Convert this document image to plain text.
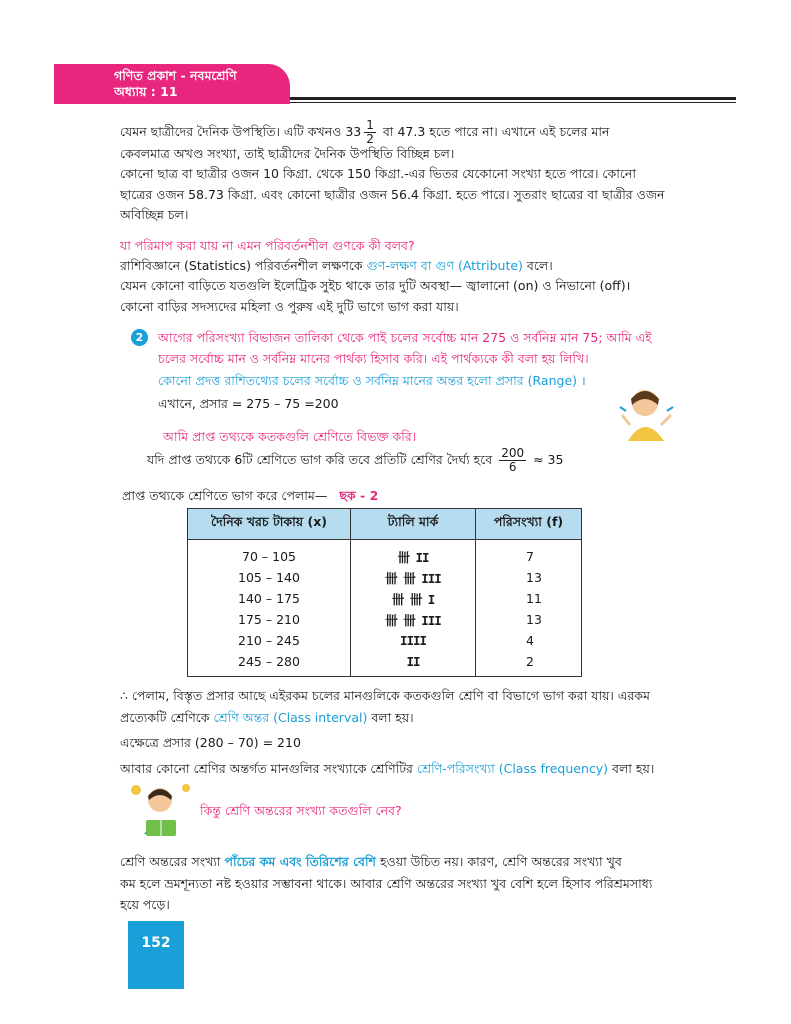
গণিত প্রকাশ - নবমশ্রেণি
অধ্যায় : 11
যেমন ছাত্রীদের দৈনিক উপস্থিতি। এটি কখনও $33 \frac{1}{2}$ বা 47.3 হতে পারে না। এখানে এই চলের মান
কেবলমাত্র অখণ্ড সংখ্যা, তাই ছাত্রীদের দৈনিক উপস্থিতি বিচ্ছিন্ন চল।
কোনো ছাত্র বা ছাত্রীর ওজন 10 কিগ্রা. থেকে 150 কিগ্রা.-এর ভিতর যেকোনো সংখ্যা হতে পারে। কোনো
ছাত্রের ওজন 58.73 কিগ্রা. এবং কোনো ছাত্রীর ওজন 56.4 কিগ্রা. হতে পারে। সুতরাং ছাত্রের বা ছাত্রীর ওজন
অবিচ্ছিন্ন চল।
যা পরিমাপ করা যায় না এমন পরিবর্তনশীল গুণকে কী বলব?
রাশিবিজ্ঞানে (Statistics) পরিবর্তনশীল লক্ষণকে গুণ-লক্ষণ বা গুণ (Attribute) বলে।
যেমন কোনো বাড়িতে যতগুলি ইলেট্রিক সুইচ থাকে তার দুটি অবস্থা— জ্বালানো (on) ও নিভানো (off)।
কোনো বাড়ির সদস্যদের মহিলা ও পুরুষ এই দুটি ভাগে ভাগ করা যায়।
2	আগের পরিসংখ্যা বিভাজন তালিকা থেকে পাই চলের সর্বোচ্চ মান 275 ও সর্বনিম্ন মান 75; আমি এই
চলের সর্বোচ্চ মান ও সর্বনিম্ন মানের পার্থক্য হিসাব করি। এই পার্থক্যকে কী বলা হয় লিখি।
কোনো প্রদত্ত রাশিতথ্যের চলের সর্বোচ্চ ও সর্বনিম্ন মানের অন্তর হলো প্রসার (Range) ।
এখানে, প্রসার = 275 – 75 =200
আমি প্রাপ্ত তথ্যকে কতকগুলি শ্রেণিতে বিভক্ত করি।
যদি প্রাপ্ত তথ্যকে 6টি শ্রেণিতে ভাগ করি তবে প্রতিটি শ্রেণির দৈর্ঘ্য হবে $\frac{200}{6} \approx 35$
প্রাপ্ত তথ্যকে শ্রেণিতে ভাগ করে পেলাম— ছক - 2
দৈনিক খরচ টাকায় (x)	ট্যালি মার্ক	পরিসংখ্যা (f)
70 – 105	卌 II	7
105 – 140	卌 卌 III	13
140 – 175	卌 卌 I	11
175 – 210	卌 卌 III	13
210 – 245	IIII	4
245 – 280	II	2
∴ পেলাম, বিস্তৃত প্রসার আছে এইরকম চলের মানগুলিকে কতকগুলি শ্রেণি বা বিভাগে ভাগ করা যায়। এরকম
প্রত্যেকটি শ্রেণিকে শ্রেণি অন্তর (Class interval) বলা হয়।
এক্ষেত্রে প্রসার (280 – 70) = 210
আবার কোনো শ্রেণির অন্তর্গত মানগুলির সংখ্যাকে শ্রেণিটির শ্রেণি-পরিসংখ্যা (Class frequency) বলা হয়।
কিন্তু শ্রেণি অন্তরের সংখ্যা কতগুলি নেব?
শ্রেণি অন্তরের সংখ্যা পাঁচের কম এবং তিরিশের বেশি হওয়া উচিত নয়। কারণ, শ্রেণি অন্তরের সংখ্যা খুব
কম হলে ভ্রমশূন্যতা নষ্ট হওয়ার সম্ভাবনা থাকে। আবার শ্রেণি অন্তরের সংখ্যা খুব বেশি হলে হিসাব পরিশ্রমসাধ্য
হয়ে পড়ে।
152
